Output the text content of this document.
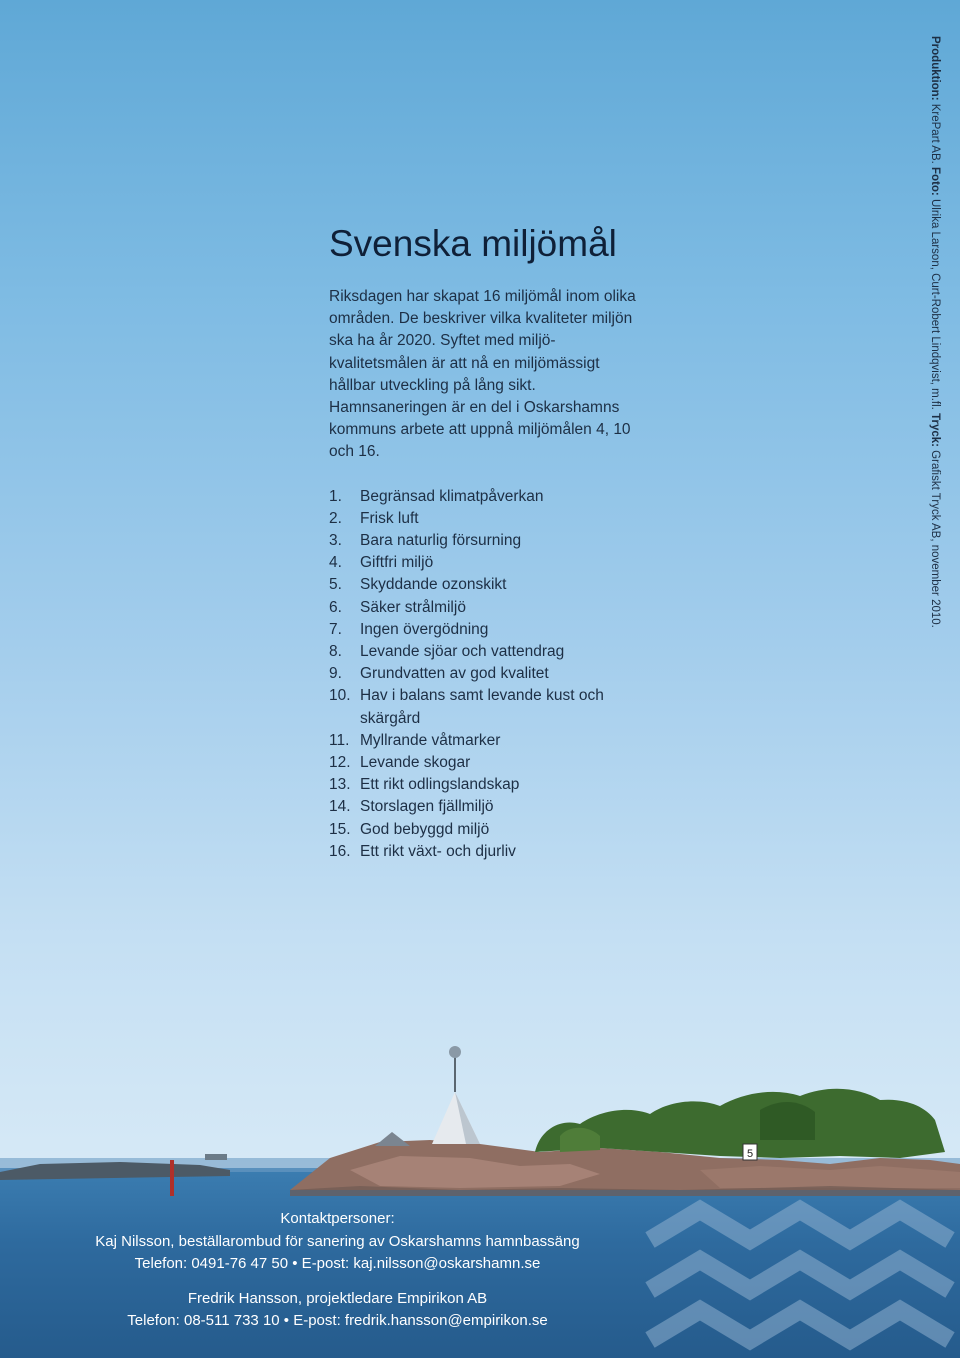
5
Svenska miljömål

Riksdagen har skapat 16 miljömål inom olika områden. De beskriver vilka kvaliteter miljön ska ha år 2020. Syftet med miljö-kvalitetsmålen är att nå en miljömässigt hållbar utveckling på lång sikt. Hamnsaneringen är en del i Oskarshamns kommuns arbete att uppnå miljömålen 4, 10 och 16.

1.	Begränsad klimatpåverkan
2.	Frisk luft
3.	Bara naturlig försurning
4.	Giftfri miljö
5.	Skyddande ozonskikt
6.	Säker strålmiljö
7.	Ingen övergödning
8.	Levande sjöar och vattendrag
9.	Grundvatten av god kvalitet
10. Hav i balans samt levande kust och skärgård
11. Myllrande våtmarker
12. Levande skogar
13. Ett rikt odlingslandskap
14. Storslagen fjällmiljö
15. God bebyggd miljö
16. Ett rikt växt- och djurliv
Produktion: KrePart AB. Foto: Ulrika Larson, Curt-Robert Lindqvist, m.fl. Tryck: Grafiskt Tryck AB, november 2010.
Kontaktpersoner:
Kaj Nilsson, beställarombud för sanering av Oskarshamns hamnbassäng
Telefon: 0491-76 47 50 • E-post: kaj.nilsson@oskarshamn.se
Fredrik Hansson, projektledare Empirikon AB
Telefon: 08-511 733 10 • E-post: fredrik.hansson@empirikon.se
